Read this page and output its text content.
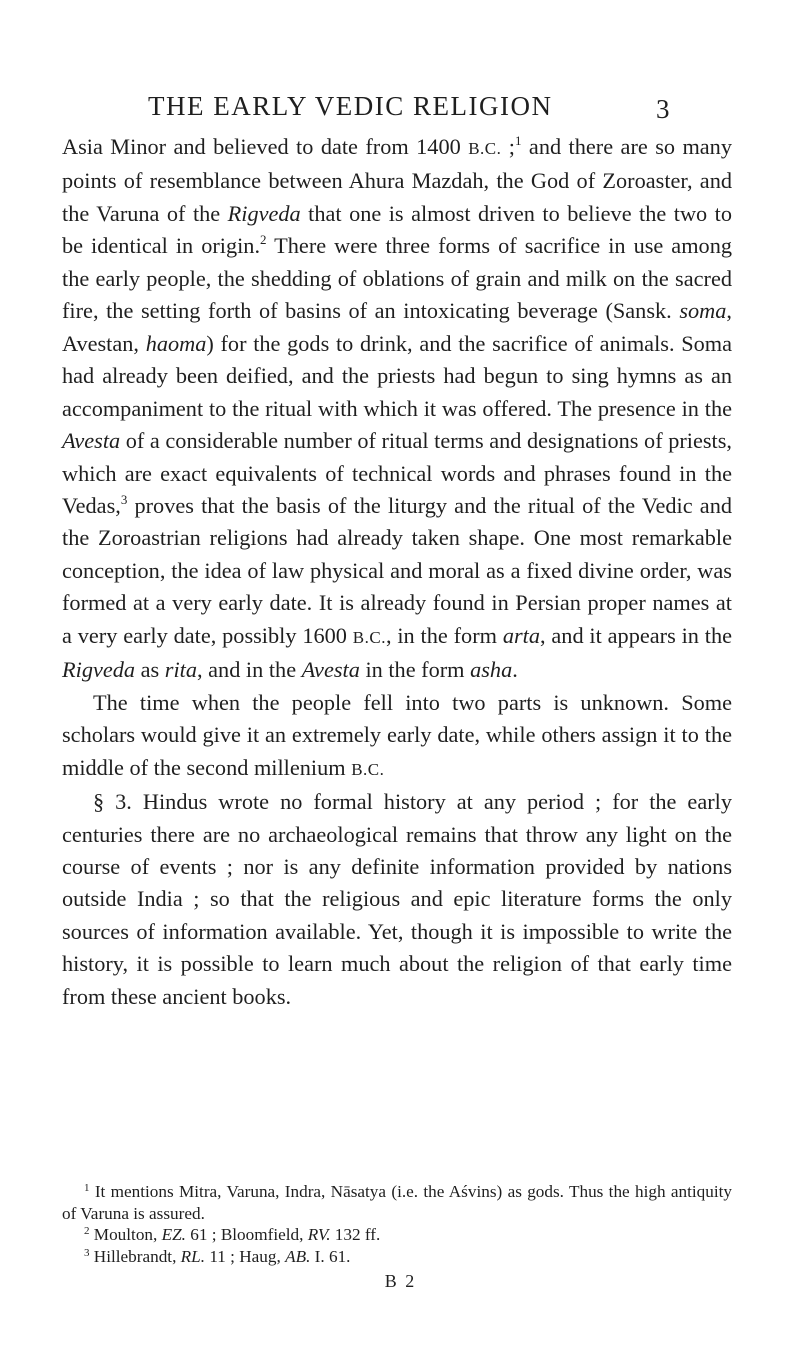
THE EARLY VEDIC RELIGION	3

Asia Minor and believed to date from 1400 B.C. ;$^1$ and there are so many points of resemblance between Ahura Mazdah, the God of Zoroaster, and the Varuna of the Rigveda that one is almost driven to believe the two to be identical in origin.$^2$ There were three forms of sacrifice in use among the early people, the shedding of oblations of grain and milk on the sacred fire, the setting forth of basins of an intoxicating beverage (Sansk. soma, Avestan, haoma) for the gods to drink, and the sacrifice of animals. Soma had already been deified, and the priests had begun to sing hymns as an accompaniment to the ritual with which it was offered. The presence in the Avesta of a considerable number of ritual terms and designations of priests, which are exact equivalents of technical words and phrases found in the Vedas,$^3$ proves that the basis of the liturgy and the ritual of the Vedic and the Zoroastrian religions had already taken shape. One most remarkable conception, the idea of law physical and moral as a fixed divine order, was formed at a very early date. It is already found in Persian proper names at a very early date, possibly 1600 B.C., in the form arta, and it appears in the Rigveda as rita, and in the Avesta in the form asha.

The time when the people fell into two parts is unknown. Some scholars would give it an extremely early date, while others assign it to the middle of the second millenium B.C.

§ 3. Hindus wrote no formal history at any period ; for the early centuries there are no archaeological remains that throw any light on the course of events ; nor is any definite information provided by nations outside India ; so that the religious and epic literature forms the only sources of information available. Yet, though it is impossible to write the history, it is possible to learn much about the religion of that early time from these ancient books.

$^1$ It mentions Mitra, Varuna, Indra, Nāsatya (i.e. the Aśvins) as gods. Thus the high antiquity of Varuna is assured.

$^2$ Moulton, EZ. 61 ; Bloomfield, RV. 132 ff.

$^3$ Hillebrandt, RL. 11 ; Haug, AB. I. 61.

B 2
